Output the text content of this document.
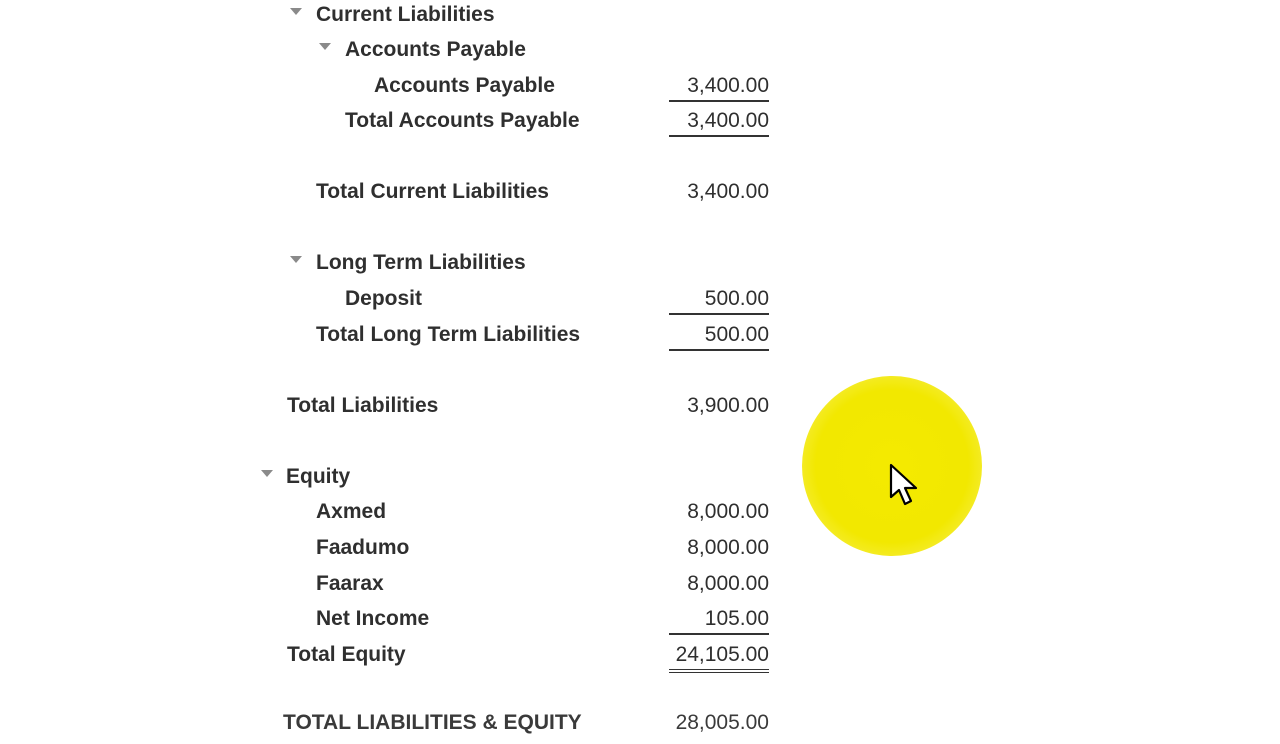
Current Liabilities
Accounts Payable
Accounts Payable	3,400.00
Total Accounts Payable	3,400.00
Total Current Liabilities	3,400.00
Long Term Liabilities
Deposit	500.00
Total Long Term Liabilities	500.00
Total Liabilities	3,900.00
Equity
Axmed	8,000.00
Faadumo	8,000.00
Faarax	8,000.00
Net Income	105.00
Total Equity	24,105.00
TOTAL LIABILITIES & EQUITY	28,005.00
